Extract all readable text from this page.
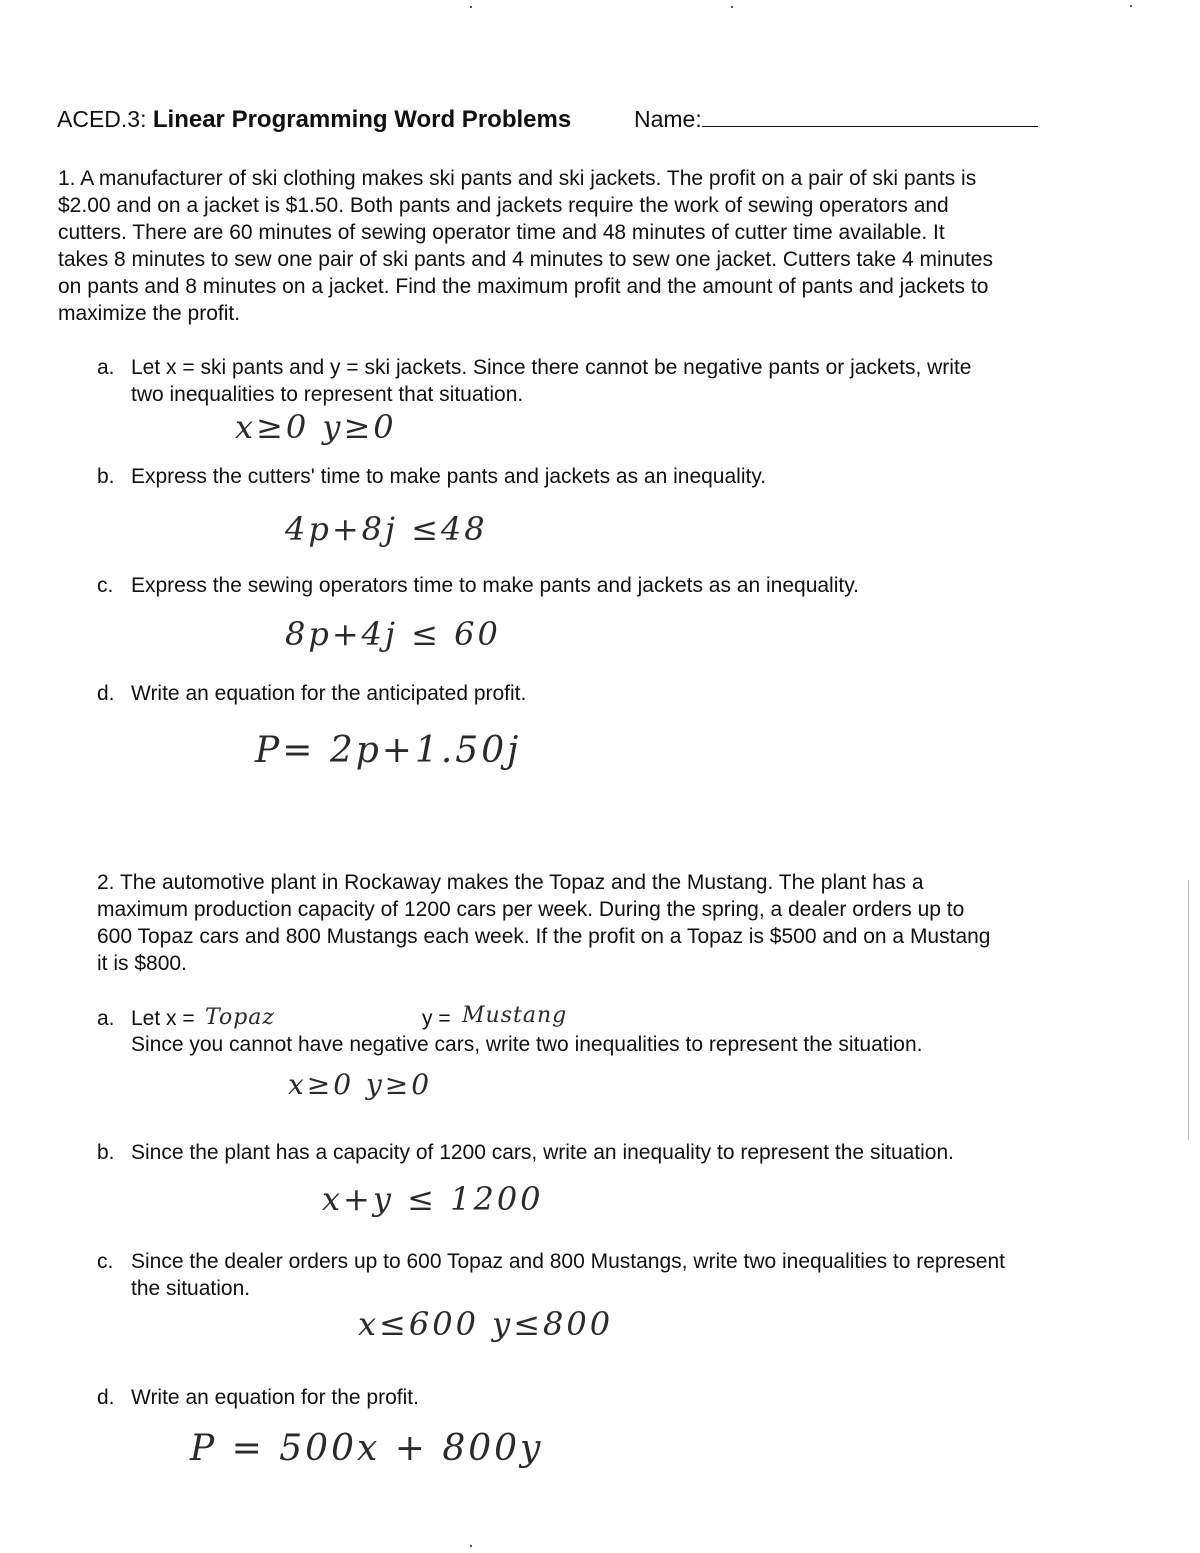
ACED.3: Linear Programming Word Problems	Name:
1. A manufacturer of ski clothing makes ski pants and ski jackets. The profit on a pair of ski pants is
$2.00 and on a jacket is $1.50. Both pants and jackets require the work of sewing operators and
cutters. There are 60 minutes of sewing operator time and 48 minutes of cutter time available. It
takes 8 minutes to sew one pair of ski pants and 4 minutes to sew one jacket. Cutters take 4 minutes
on pants and 8 minutes on a jacket. Find the maximum profit and the amount of pants and jackets to
maximize the profit.
a. Let x = ski pants and y = ski jackets. Since there cannot be negative pants or jackets, write
two inequalities to represent that situation.
x≥0 y≥0
b. Express the cutters' time to make pants and jackets as an inequality.
4p+8j ≤48
c. Express the sewing operators time to make pants and jackets as an inequality.
8p+4j ≤ 60
d. Write an equation for the anticipated profit.
P= 2p+1.50j
2. The automotive plant in Rockaway makes the Topaz and the Mustang. The plant has a
maximum production capacity of 1200 cars per week. During the spring, a dealer orders up to
600 Topaz cars and 800 Mustangs each week. If the profit on a Topaz is $500 and on a Mustang
it is $800.
a. Let x = Topaz	y = Mustang
Since you cannot have negative cars, write two inequalities to represent the situation.
x≥0 y≥0
b. Since the plant has a capacity of 1200 cars, write an inequality to represent the situation.
x+y ≤ 1200
c. Since the dealer orders up to 600 Topaz and 800 Mustangs, write two inequalities to represent
the situation.
x≤600 y≤800
d. Write an equation for the profit.
P = 500x + 800y
